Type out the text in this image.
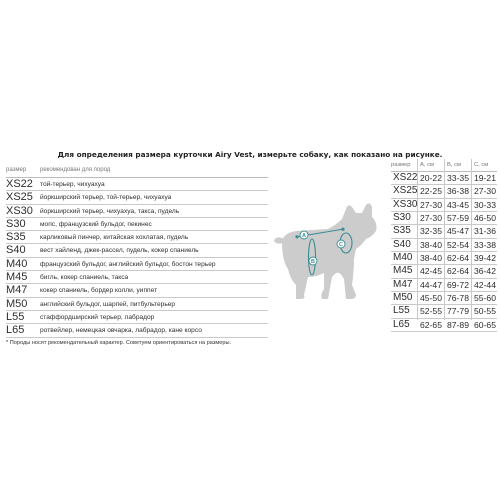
Для определения размера курточки Airy Vest, измерьте собаку, как показано на рисунке.
размер рекомендован для пород
XS22 той-терьер, чихуахуа
XS25 йоркширский терьер, той-терьер, чихуахуа
XS30 йоркширский терьер, чихуахуа, такса, пудель
S30 мопс, французский бульдог, пекинес
S35 карликовый пинчер, китайская хохлатая, пудель
S40 вест хайленд, джек-рассел, пудель, кокер спаниель
M40 французский бульдог, английский бульдог, бостон терьер
M45 бигль, кокер спаниель, такса
M47 кокер спаниель, бордер колли, уиппет
M50 английский бульдог, шарпей, питбультерьер
L55 стаффордширский терьер, лабрадор
L65 ротвейлер, немецкая овчарка, лабрадор, кане корсо
* Породы носят рекомендательный характер. Советуем ориентироваться на размеры.
A
B
C
размер A, см B, см C, см
XS22 20-22 33-35 19-21
XS25 22-25 36-38 27-30
XS30 27-30 43-45 30-33
S30 27-30 57-59 46-50
S35 32-35 45-47 31-36
S40 38-40 52-54 33-38
M40 38-40 62-64 39-42
M45 42-45 62-64 36-42
M47 44-47 69-72 42-44
M50 45-50 76-78 55-60
L55 52-55 77-79 50-55
L65 62-65 87-89 60-65
